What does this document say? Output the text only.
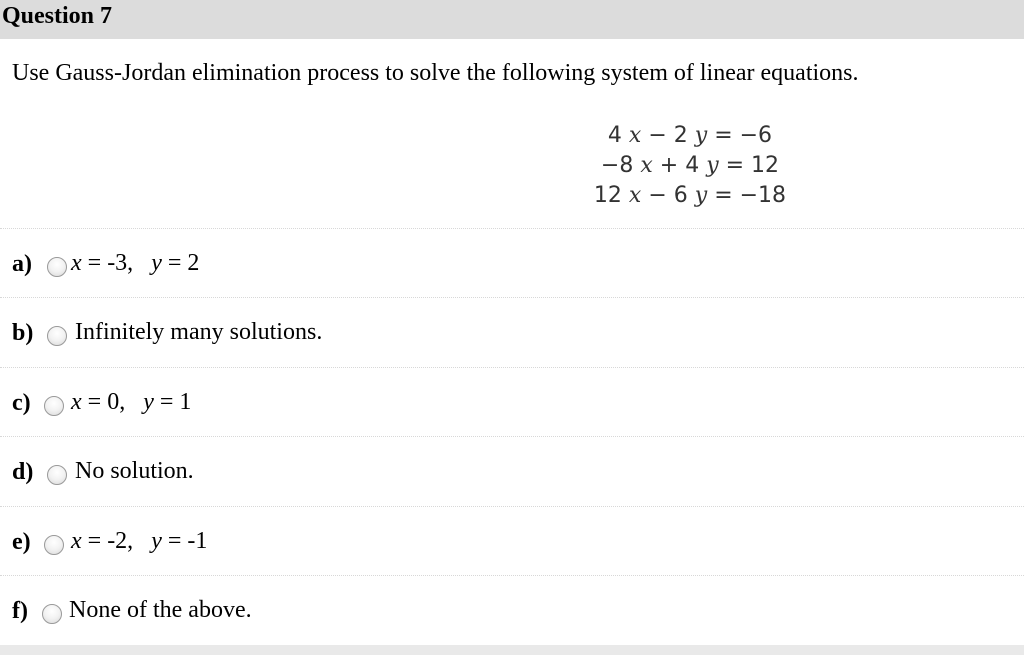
Question 7
Use Gauss-Jordan elimination process to solve the following system of linear equations.
4 x − 2 y = −6
−8 x + 4 y = 12
12 x − 6 y = −18
a) x = -3, y = 2
b) Infinitely many solutions.
c) x = 0, y = 1
d) No solution.
e) x = -2, y = -1
f) None of the above.
